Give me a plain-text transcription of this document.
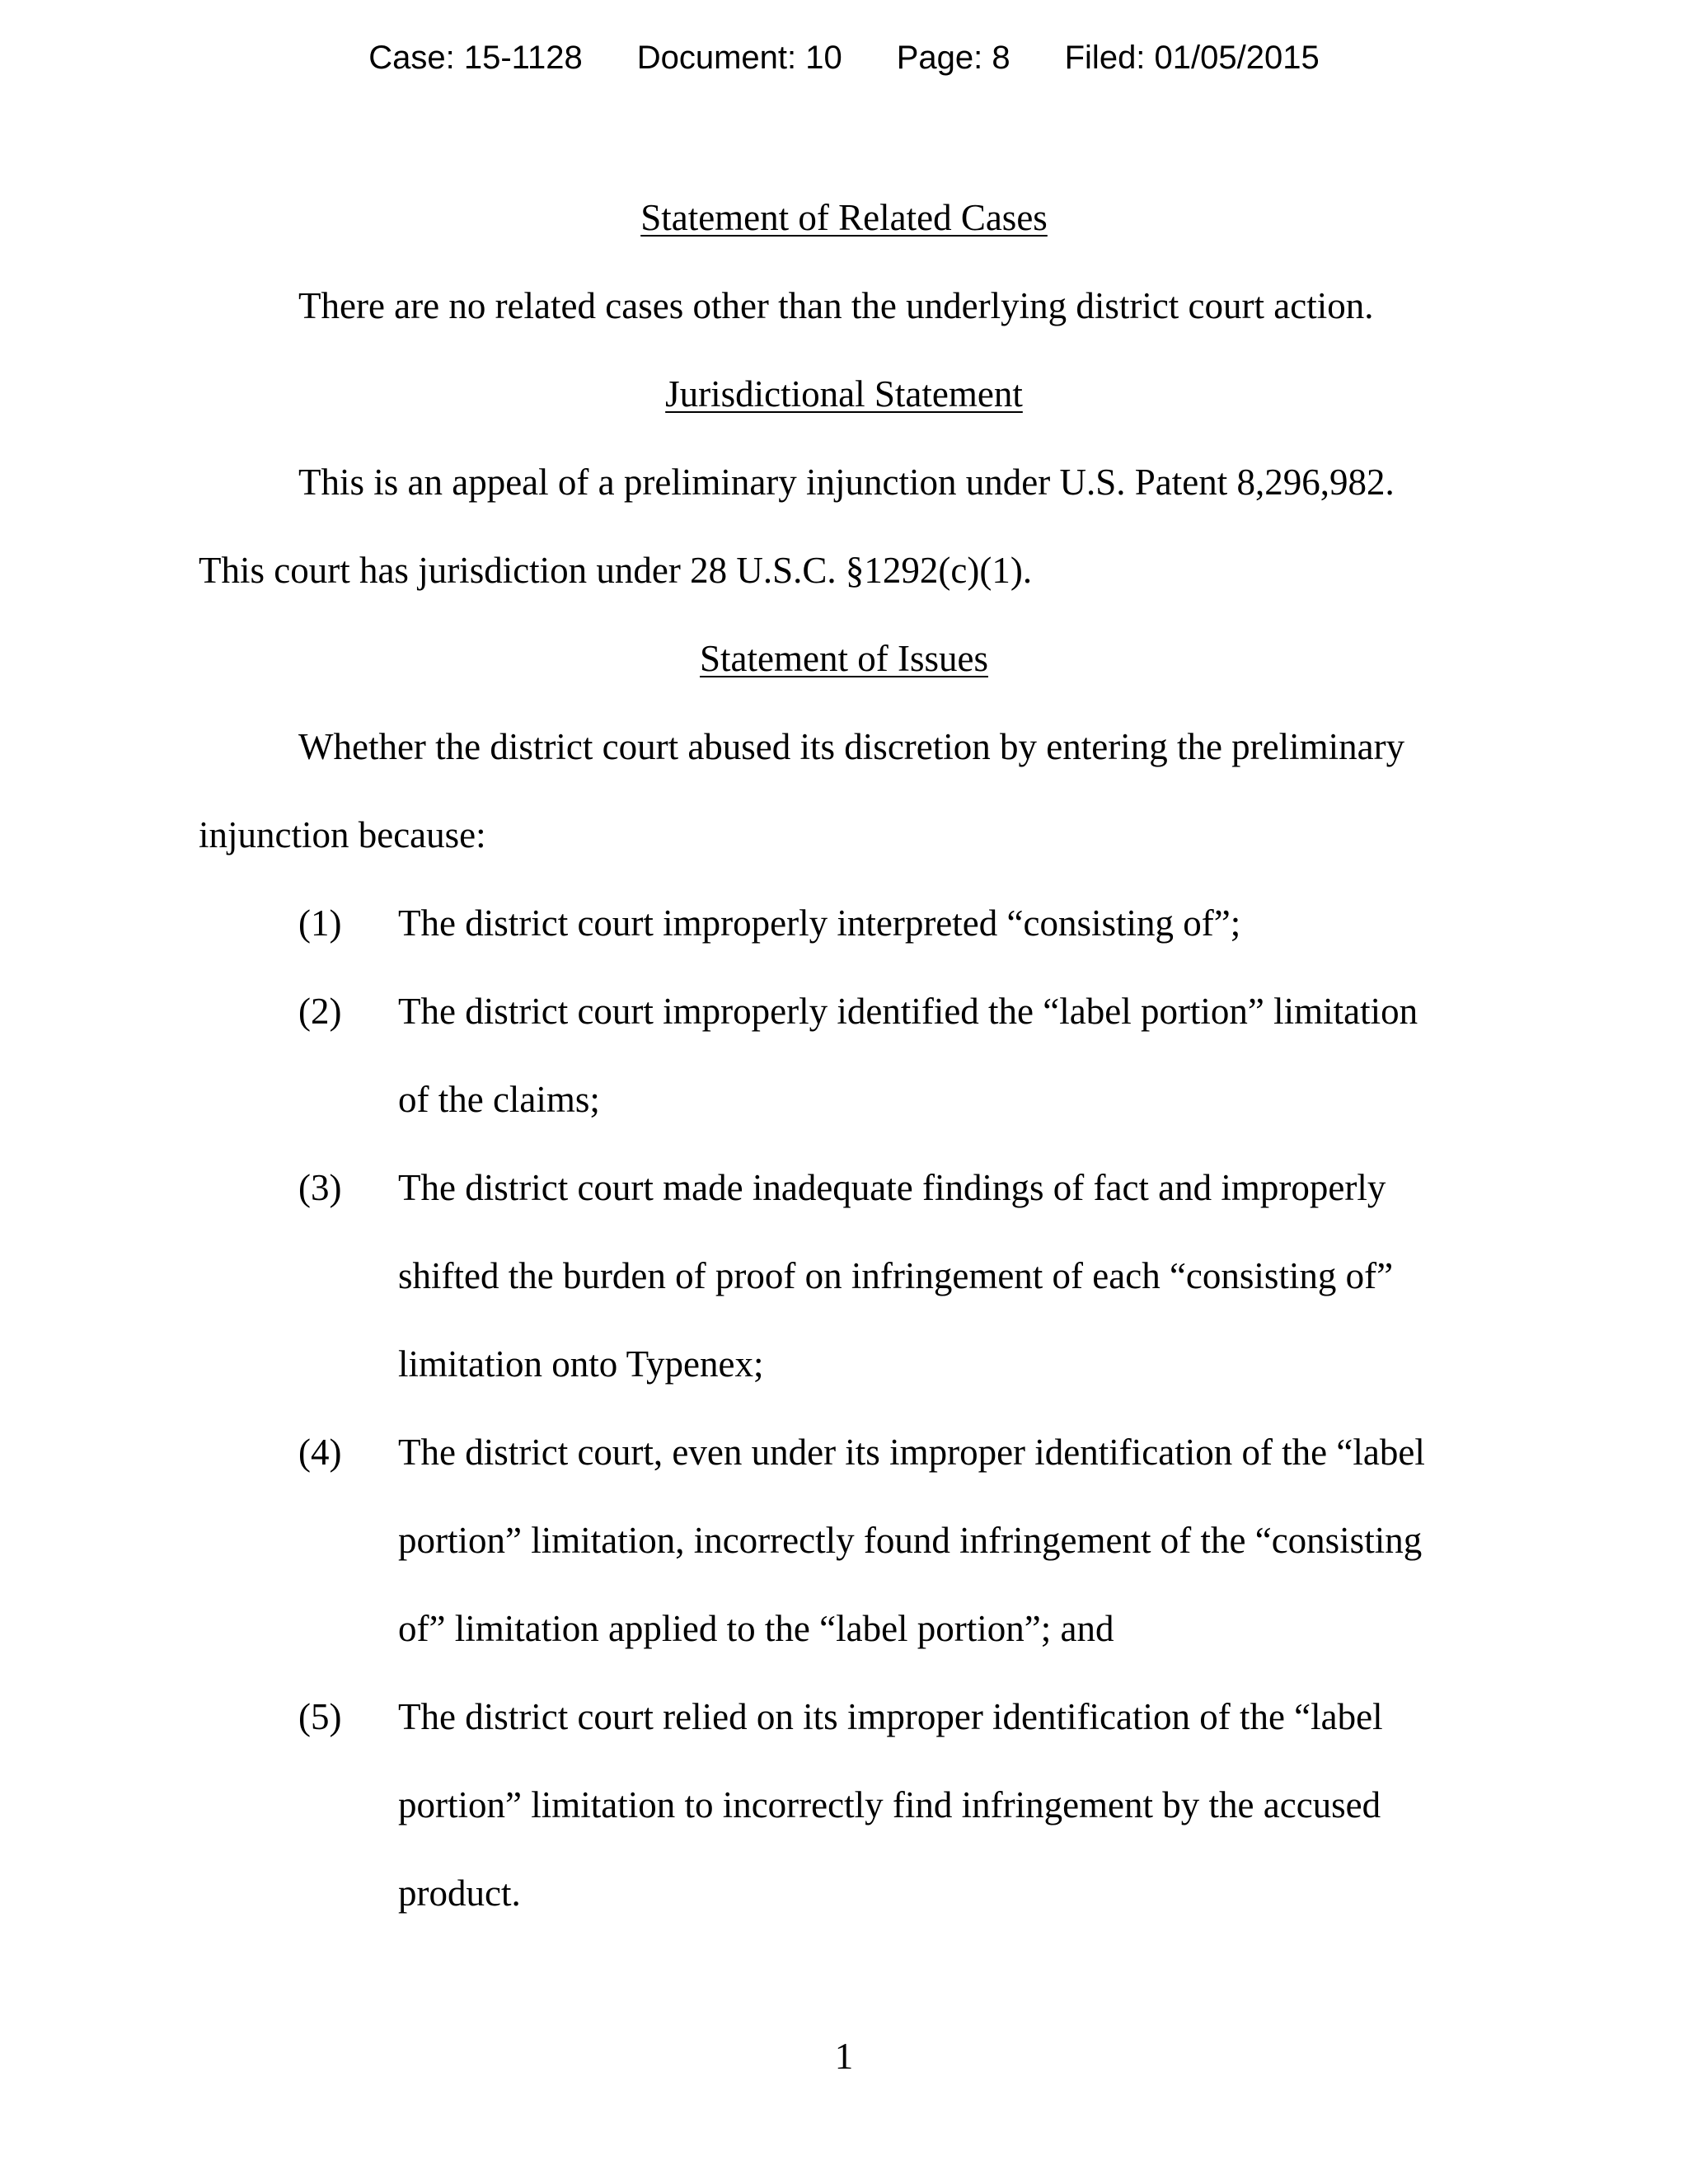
Case: 15-1128 Document: 10 Page: 8 Filed: 01/05/2015
Statement of Related Cases
There are no related cases other than the underlying district court action.
Jurisdictional Statement
This is an appeal of a preliminary injunction under U.S. Patent 8,296,982.
This court has jurisdiction under 28 U.S.C. §1292(c)(1).
Statement of Issues
Whether the district court abused its discretion by entering the preliminary
injunction because:
(1) The district court improperly interpreted “consisting of”;
(2) The district court improperly identified the “label portion” limitation
of the claims;
(3) The district court made inadequate findings of fact and improperly
shifted the burden of proof on infringement of each “consisting of”
limitation onto Typenex;
(4) The district court, even under its improper identification of the “label
portion” limitation, incorrectly found infringement of the “consisting
of” limitation applied to the “label portion”; and
(5) The district court relied on its improper identification of the “label
portion” limitation to incorrectly find infringement by the accused
product.
1
